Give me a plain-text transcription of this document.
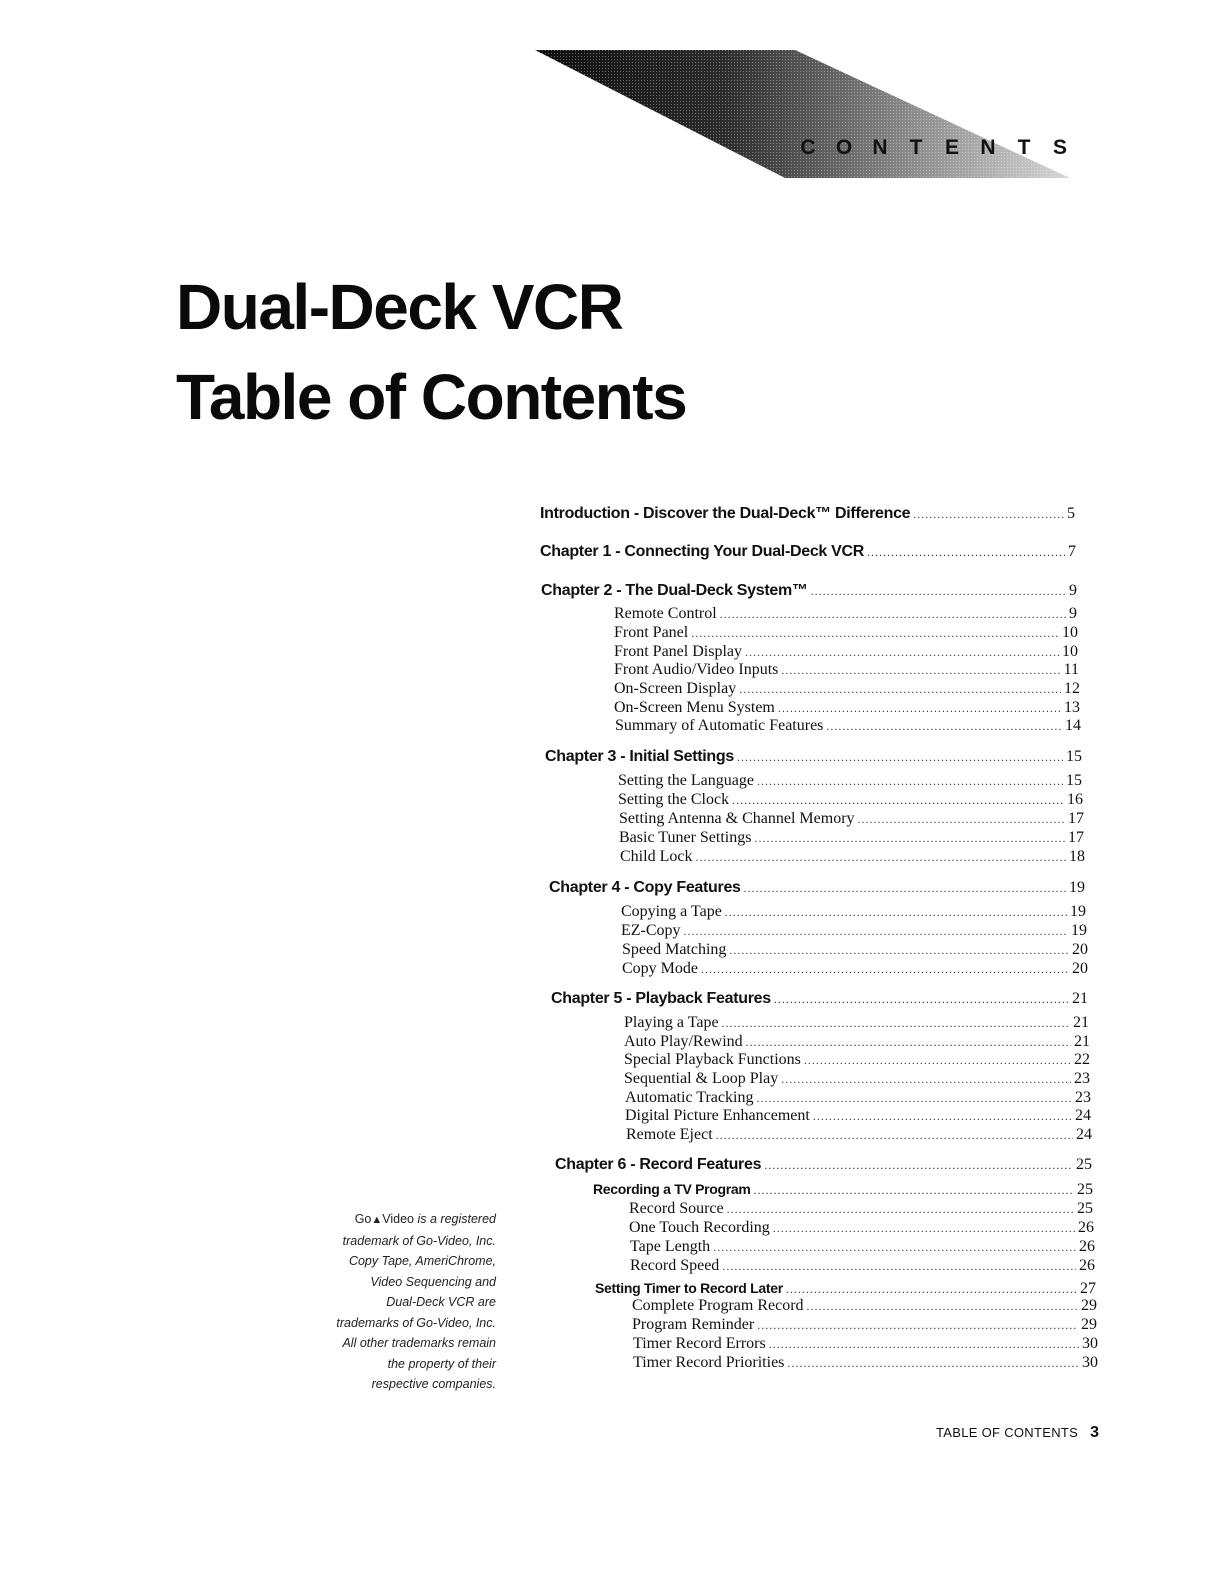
C O N	T	E	N	T	S
Dual-Deck VCR
Table of Contents
Introduction - Discover the Dual-Deck™ Difference .....	5
Chapter 1 - Connecting Your Dual-Deck VCR .....	7
Chapter 2 - The Dual-Deck System™ .....	9
Remote Control .....	9
Front Panel .....	10
Front Panel Display .....	10
Front Audio/Video Inputs .....	11
On-Screen Display .....	12
On-Screen Menu System .....	13
Summary of Automatic Features .....	14
Chapter 3 - Initial Settings .....	15
Setting the Language .....	15
Setting the Clock .....	16
Setting Antenna & Channel Memory .....	17
Basic Tuner Settings .....	17
Child Lock .....	18
Chapter 4 - Copy Features .....	19
Copying a Tape .....	19
EZ-Copy .....	19
Speed Matching .....	20
Copy Mode .....	20
Chapter 5 - Playback Features .....	21
Playing a Tape .....	21
Auto Play/Rewind .....	21
Special Playback Functions .....	22
Sequential & Loop Play .....	23
Automatic Tracking .....	23
Digital Picture Enhancement .....	24
Remote Eject .....	24
Chapter 6 - Record Features .....	25
Recording a TV Program .....	25
Record Source .....	25
One Touch Recording .....	26
Tape Length .....	26
Record Speed .....	26
Setting Timer to Record Later .....	27
Complete Program Record .....	29
Program Reminder .....	29
Timer Record Errors .....	30
Timer Record Priorities .....	30
Go▲Video is a registered
trademark of Go-Video, Inc.
Copy Tape, AmeriChrome,
Video Sequencing and
Dual-Deck VCR are
trademarks of Go-Video, Inc.
All other trademarks remain
the property of their
respective companies.
TABLE OF CONTENTS 3
